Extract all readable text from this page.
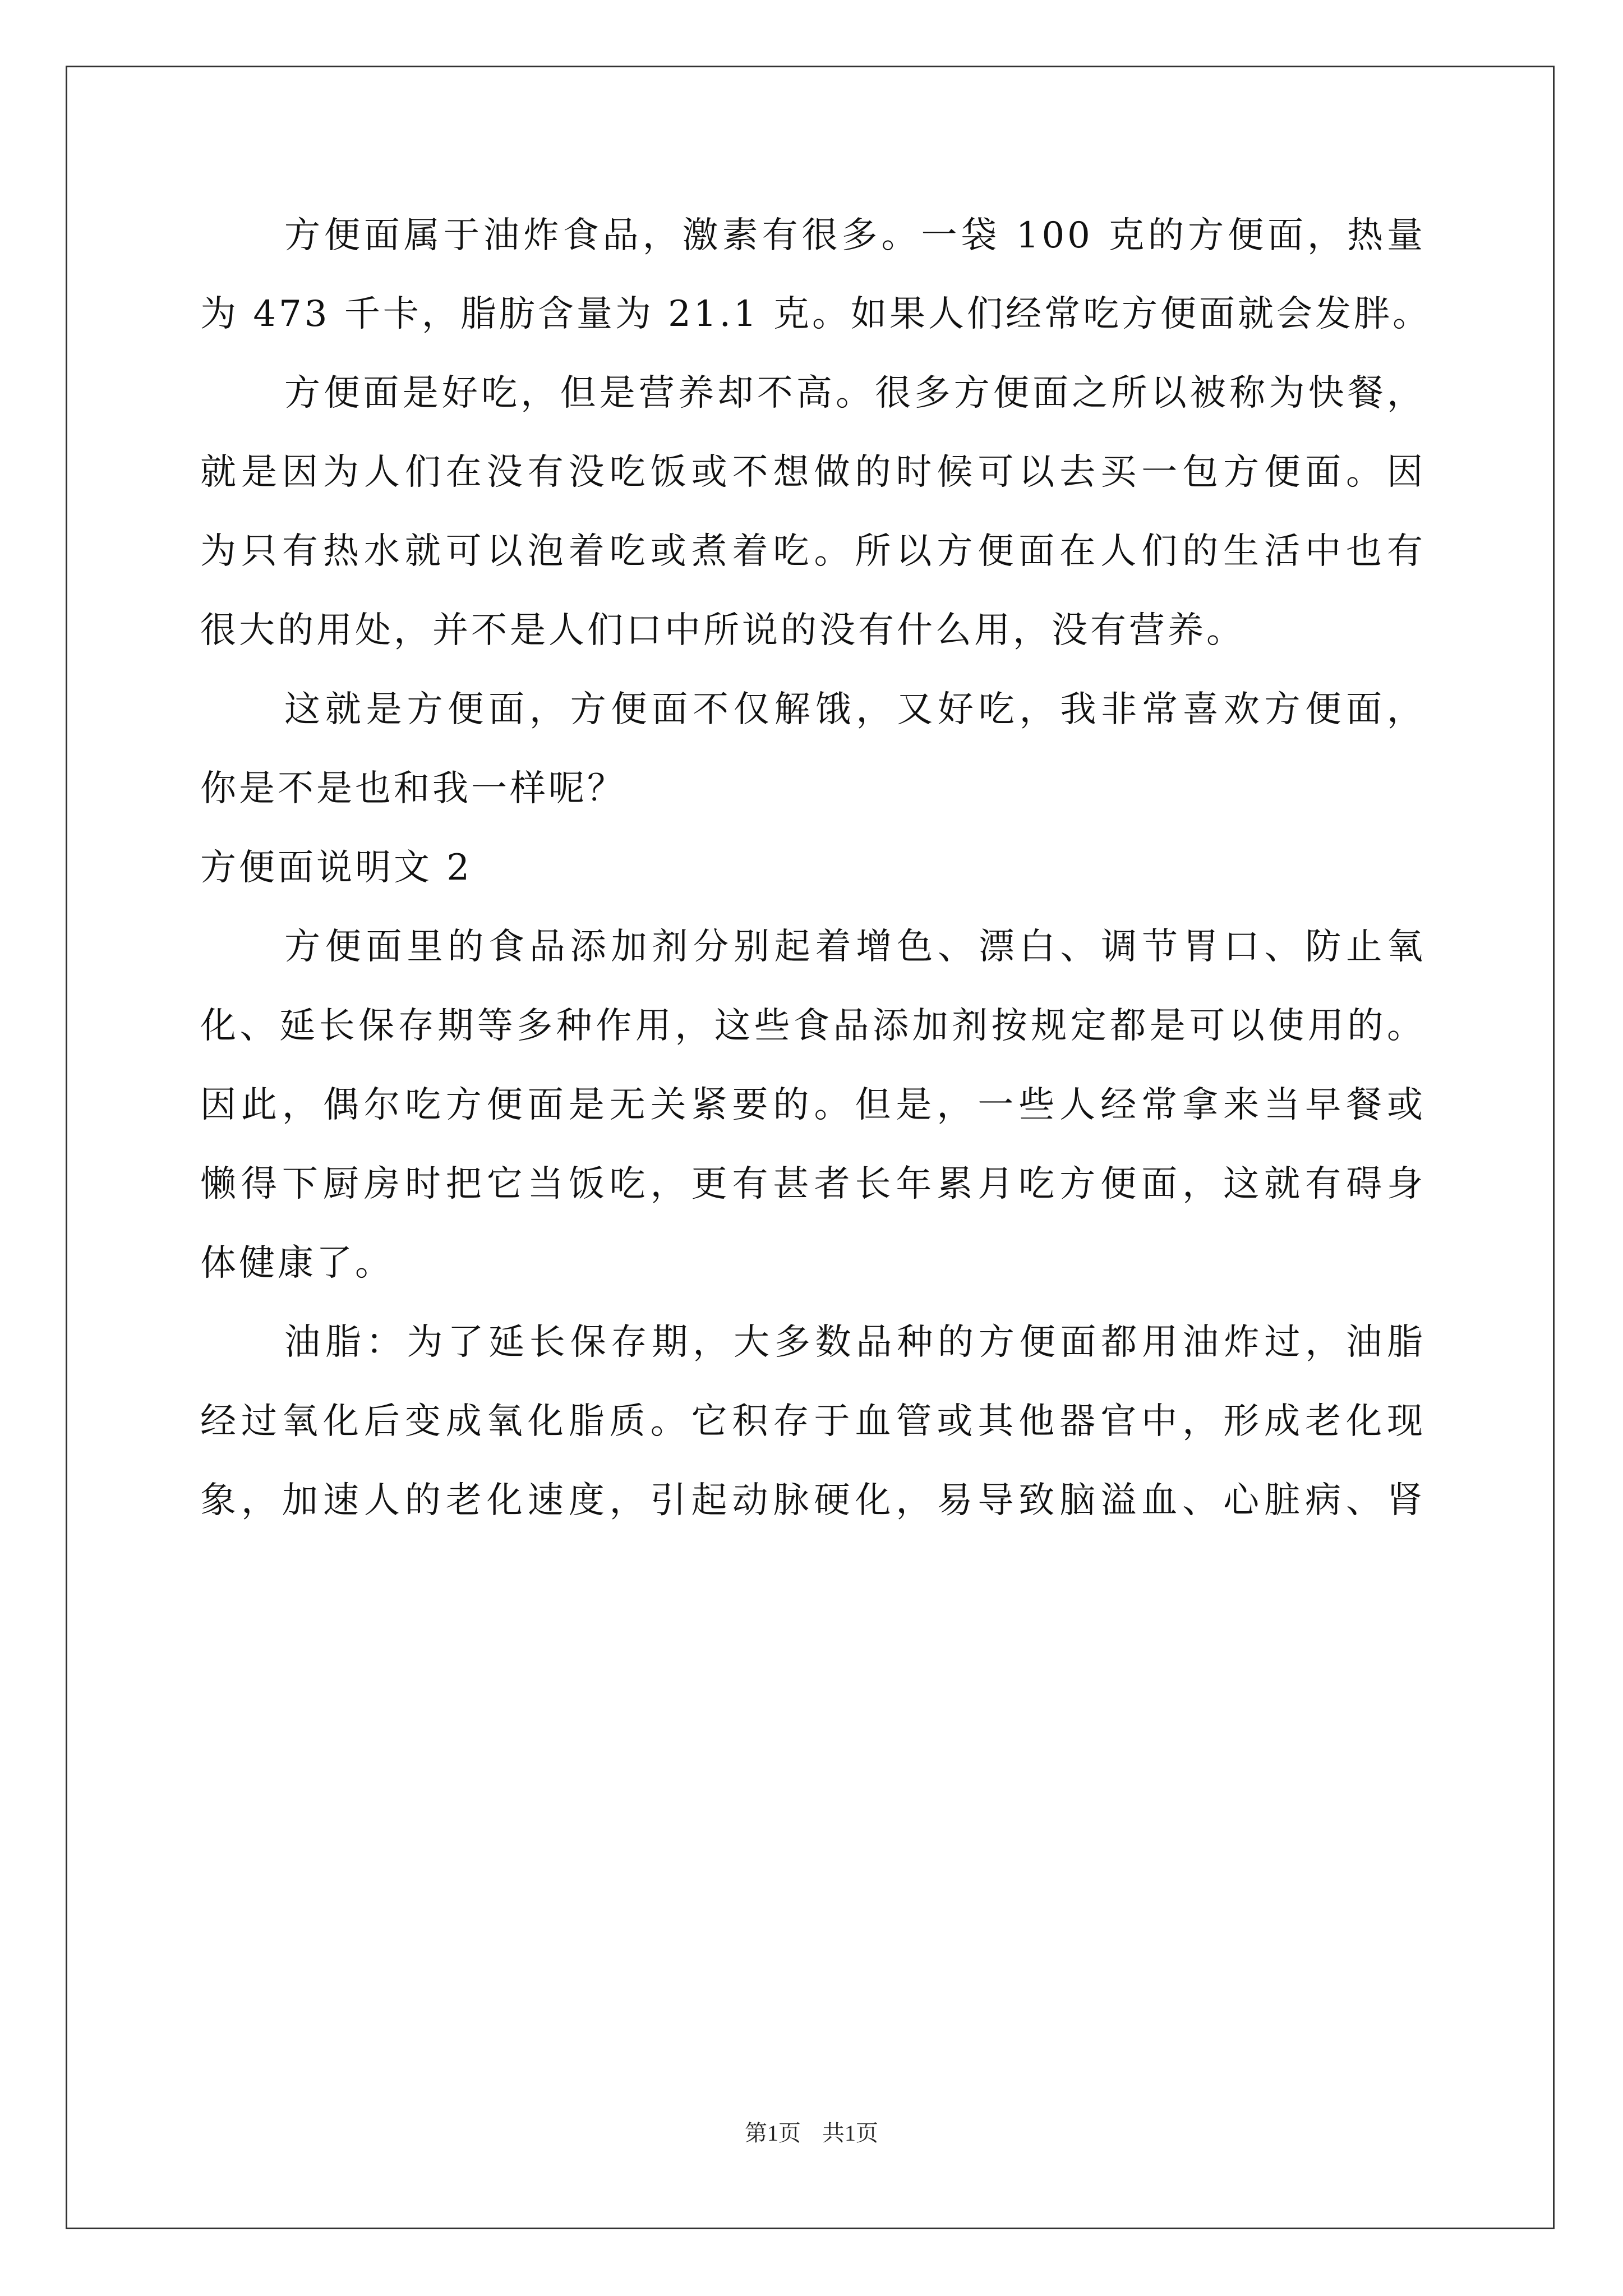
方便面属于油炸食品，激素有很多。一袋 100 克的方便面，热量
为 473 千卡，脂肪含量为 21.1 克。如果人们经常吃方便面就会发胖。
方便面是好吃，但是营养却不高。很多方便面之所以被称为快餐，
就是因为人们在没有没吃饭或不想做的时候可以去买一包方便面。因
为只有热水就可以泡着吃或煮着吃。所以方便面在人们的生活中也有
很大的用处，并不是人们口中所说的没有什么用，没有营养。
这就是方便面，方便面不仅解饿，又好吃，我非常喜欢方便面，
你是不是也和我一样呢？
方便面说明文 2
方便面里的食品添加剂分别起着增色、漂白、调节胃口、防止氧
化、延长保存期等多种作用，这些食品添加剂按规定都是可以使用的。
因此，偶尔吃方便面是无关紧要的。但是，一些人经常拿来当早餐或
懒得下厨房时把它当饭吃，更有甚者长年累月吃方便面，这就有碍身
体健康了。
油脂：为了延长保存期，大多数品种的方便面都用油炸过，油脂
经过氧化后变成氧化脂质。它积存于血管或其他器官中，形成老化现
象，加速人的老化速度，引起动脉硬化，易导致脑溢血、心脏病、肾
第1页 共1页
